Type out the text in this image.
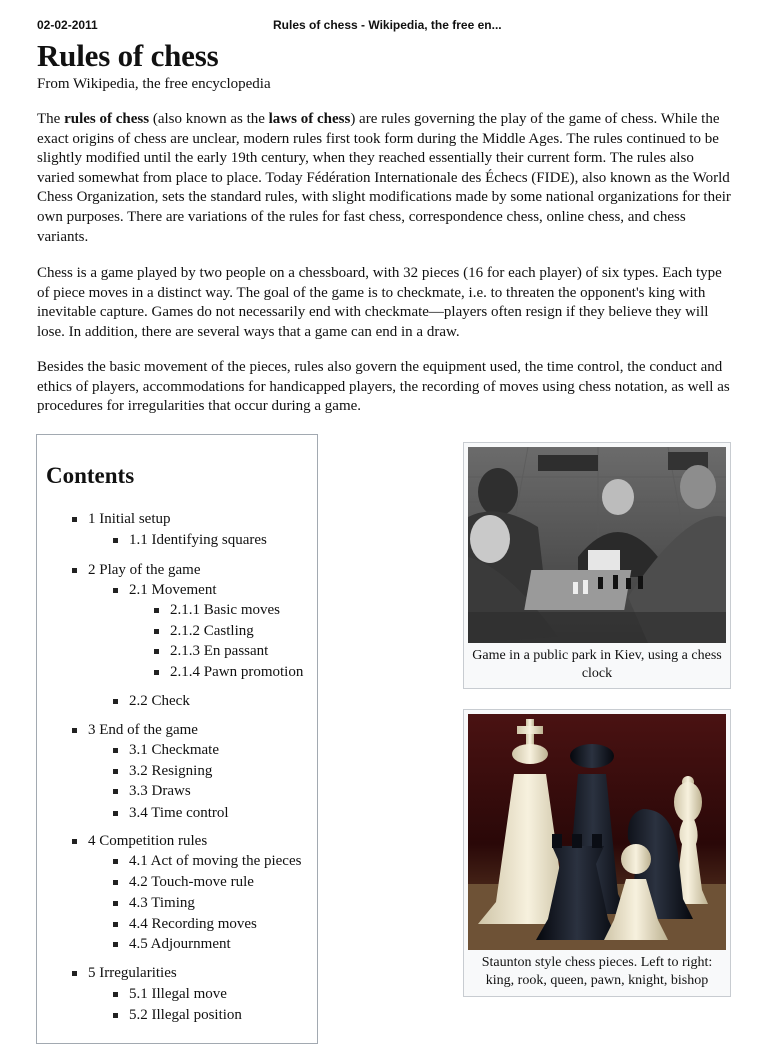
02-02-2011	Rules of chess - Wikipedia, the free en...
Rules of chess

From Wikipedia, the free encyclopedia

The rules of chess (also known as the laws of chess) are rules governing the play of the game of chess. While the exact origins of chess are unclear, modern rules first took form during the Middle Ages. The rules continued to be slightly modified until the early 19th century, when they reached essentially their current form. The rules also varied somewhat from place to place. Today Fédération Internationale des Échecs (FIDE), also known as the World Chess Organization, sets the standard rules, with slight modifications made by some national organizations for their own purposes. There are variations of the rules for fast chess, correspondence chess, online chess, and chess variants.

Chess is a game played by two people on a chessboard, with 32 pieces (16 for each player) of six types. Each type of piece moves in a distinct way. The goal of the game is to checkmate, i.e. to threaten the opponent's king with inevitable capture. Games do not necessarily end with checkmate—players often resign if they believe they will lose. In addition, there are several ways that a game can end in a draw.

Besides the basic movement of the pieces, rules also govern the equipment used, the time control, the conduct and ethics of players, accommodations for handicapped players, the recording of moves using chess notation, as well as procedures for irregularities that occur during a game.

Contents
1 Initial setup
1.1 Identifying squares
2 Play of the game
2.1 Movement
2.1.1 Basic moves
2.1.2 Castling
2.1.3 En passant
2.1.4 Pawn promotion
2.2 Check
3 End of the game
3.1 Checkmate
3.2 Resigning
3.3 Draws
3.4 Time control
4 Competition rules
4.1 Act of moving the pieces
4.2 Touch-move rule
4.3 Timing
4.4 Recording moves
4.5 Adjournment
5 Irregularities
5.1 Illegal move
5.2 Illegal position
Game in a public park in Kiev, using a chess clock
Staunton style chess pieces. Left to right: king, rook, queen, pawn, knight, bishop
